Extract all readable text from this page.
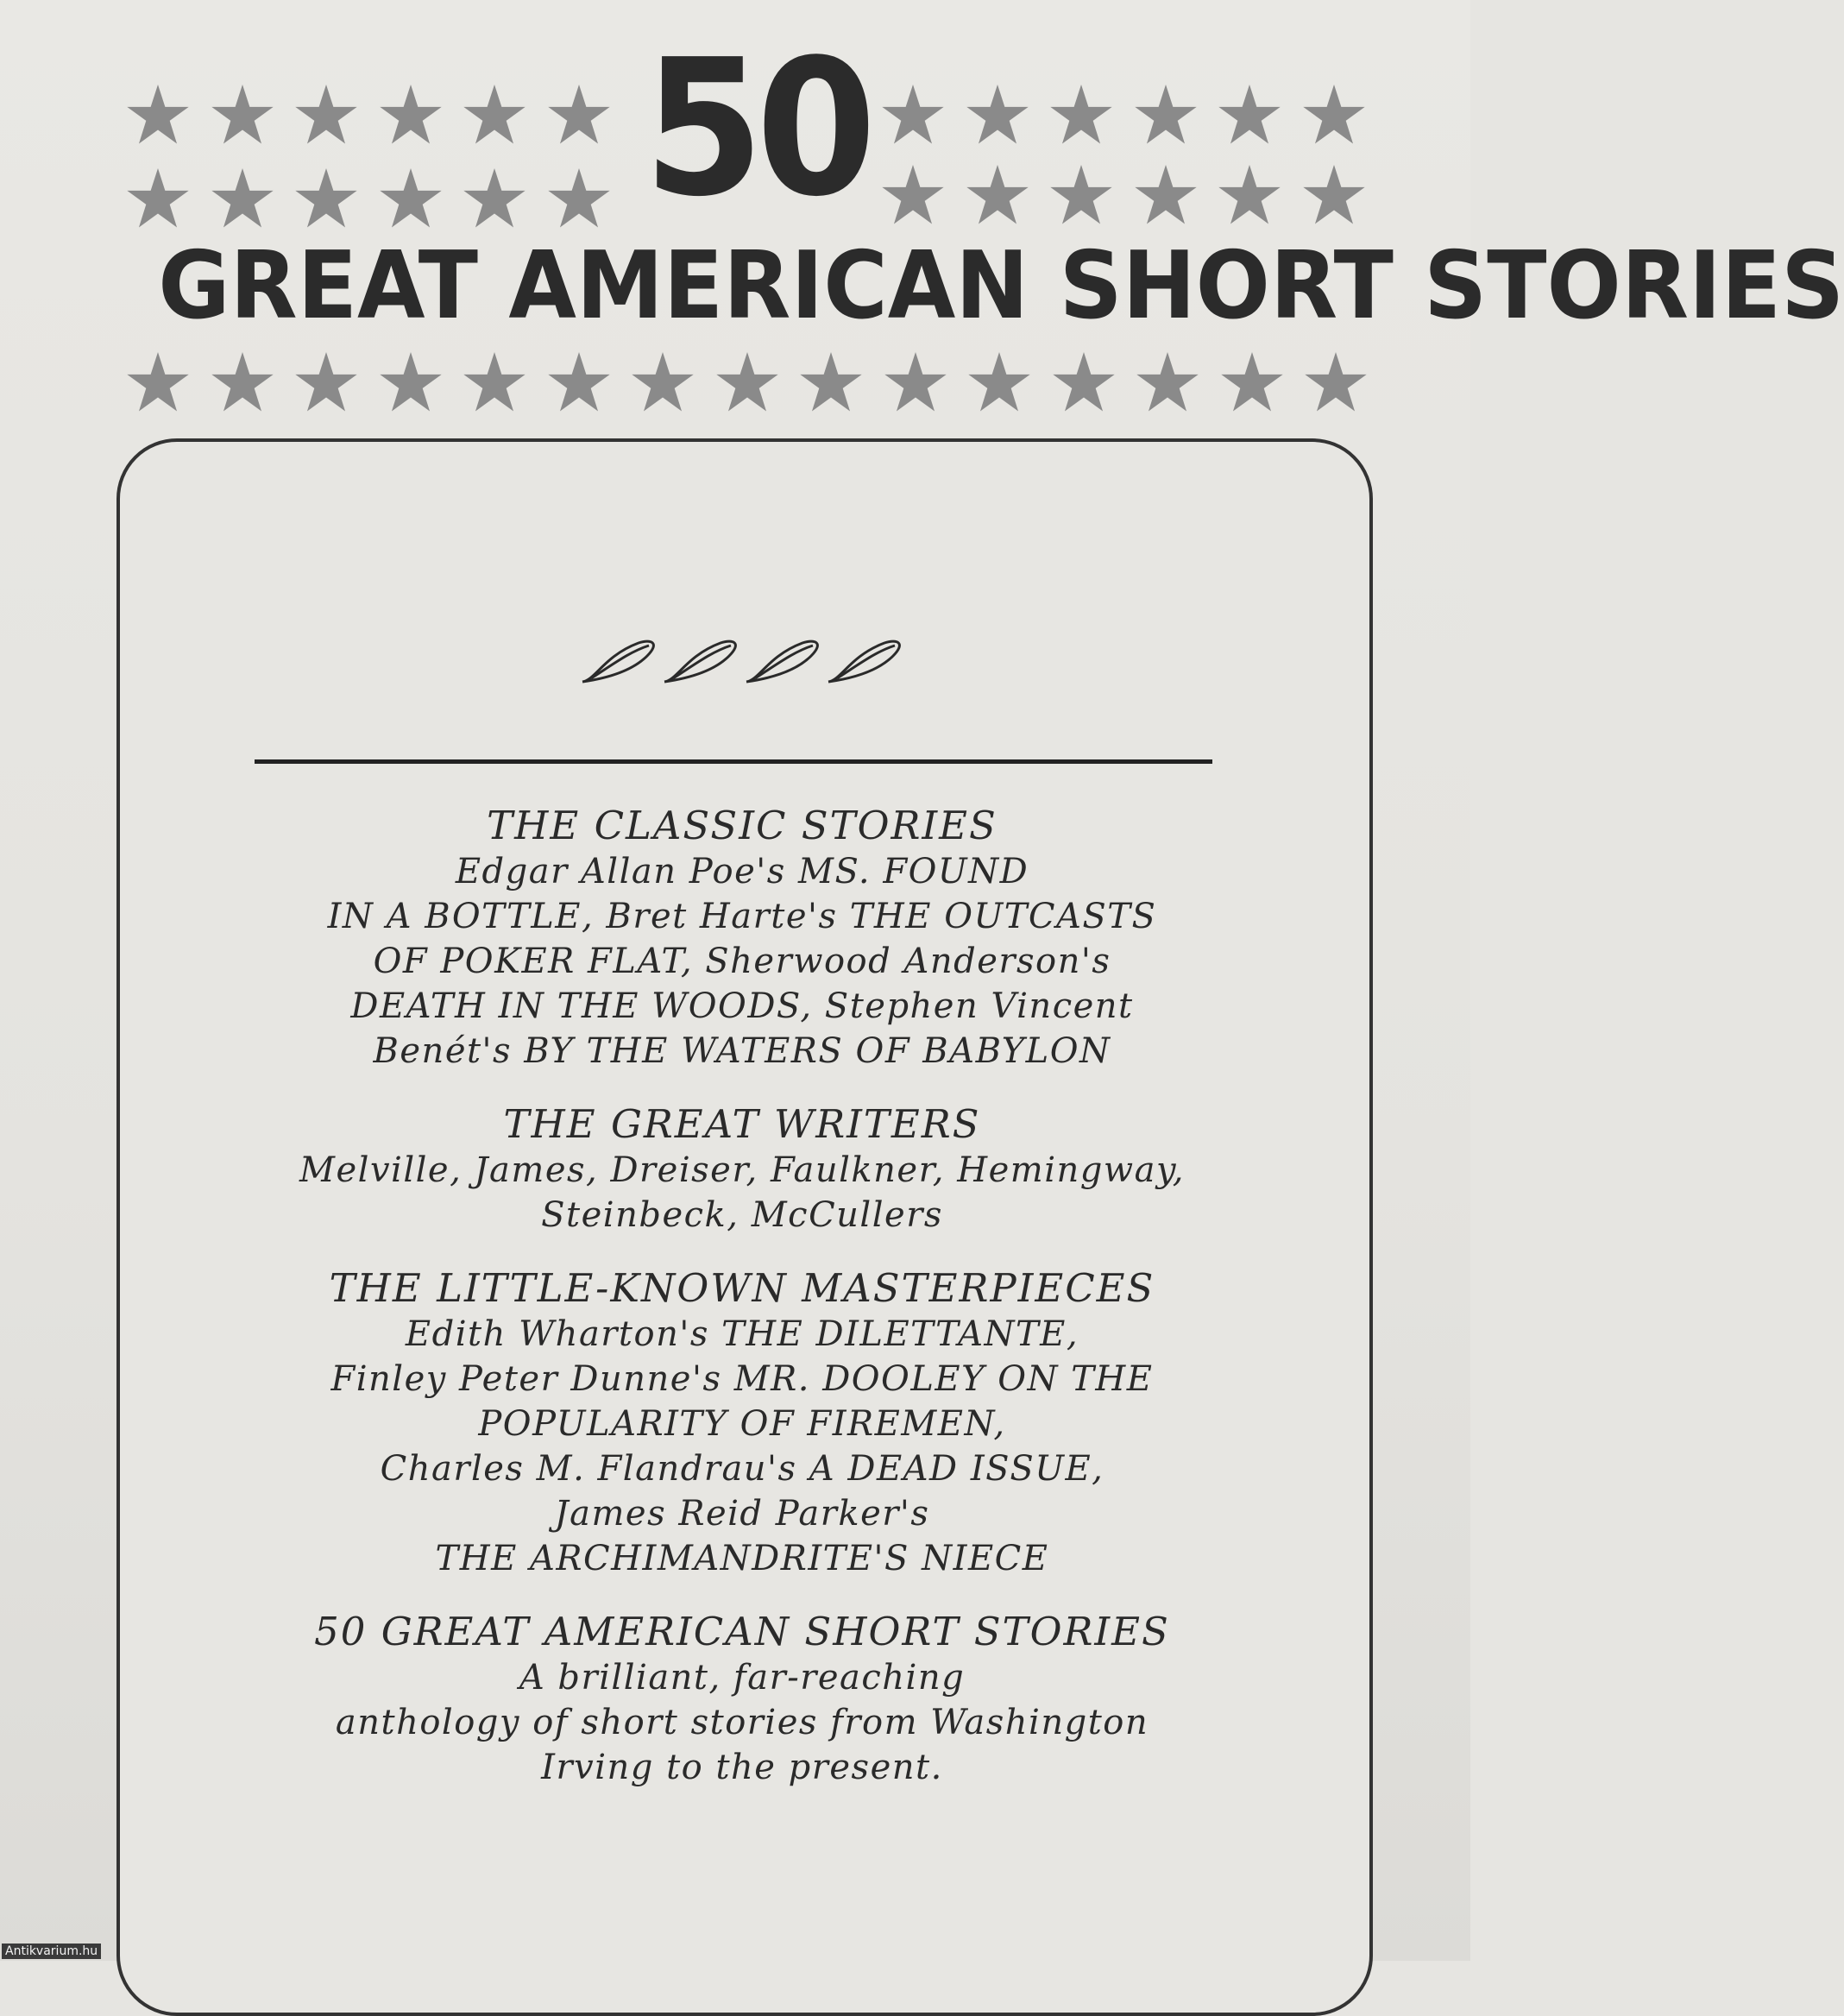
50
GREAT AMERICAN SHORT STORIES
THE CLASSIC STORIES
Edgar Allan Poe's MS. FOUND
IN A BOTTLE, Bret Harte's THE OUTCASTS
OF POKER FLAT, Sherwood Anderson's
DEATH IN THE WOODS, Stephen Vincent
Benét's BY THE WATERS OF BABYLON
THE GREAT WRITERS
Melville, James, Dreiser, Faulkner, Hemingway,
Steinbeck, McCullers
THE LITTLE-KNOWN MASTERPIECES
Edith Wharton's THE DILETTANTE,
Finley Peter Dunne's MR. DOOLEY ON THE
POPULARITY OF FIREMEN,
Charles M. Flandrau's A DEAD ISSUE,
James Reid Parker's
THE ARCHIMANDRITE'S NIECE
50 GREAT AMERICAN SHORT STORIES
A brilliant, far-reaching
anthology of short stories from Washington
Irving to the present.
Antikvarium.hu
